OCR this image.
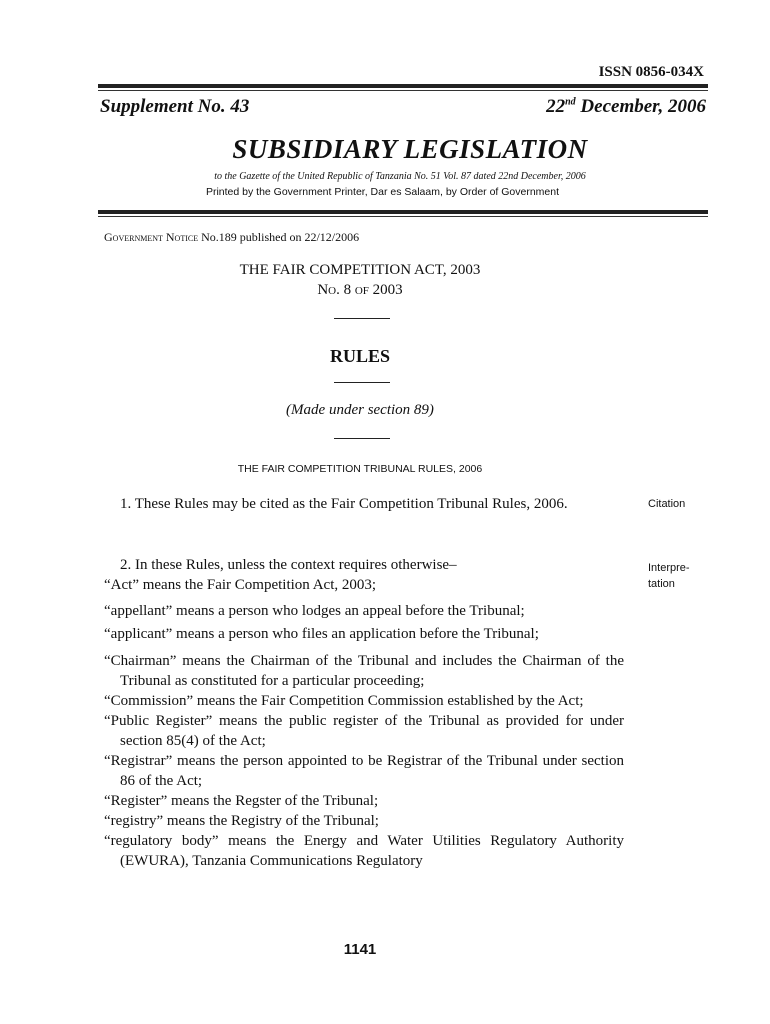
ISSN 0856-034X
Supplement No. 43	22nd December, 2006
SUBSIDIARY LEGISLATION
to the Gazette of the United Republic of Tanzania No. 51 Vol. 87 dated 22nd December, 2006
Printed by the Government Printer, Dar es Salaam, by Order of Government
Government Notice No.189 published on 22/12/2006
THE FAIR COMPETITION ACT, 2003
No. 8 of 2003
RULES
(Made under section 89)
THE FAIR COMPETITION TRIBUNAL RULES, 2006
1. These Rules may be cited as the Fair Competition Tribunal Rules, 2006.	Citation

2. In these Rules, unless the context requires otherwise–

“Act” means the Fair Competition Act, 2003;

“appellant” means a person who lodges an appeal before the Tribunal;

“applicant” means a person who files an application before the Tribunal;

“Chairman” means the Chairman of the Tribunal and includes the Chairman of the Tribunal as constituted for a particular proceeding;

“Commission” means the Fair Competition Commission established by the Act;

“Public Register” means the public register of the Tribunal as provided for under section 85(4) of the Act;

“Registrar” means the person appointed to be Registrar of the Tribunal under section 86 of the Act;

“Register” means the Regster of the Tribunal;

“registry” means the Registry of the Tribunal;

“regulatory body” means the Energy and Water Utilities Regulatory Authority (EWURA), Tanzania Communications Regulatory

Interpre-
tation
1141
